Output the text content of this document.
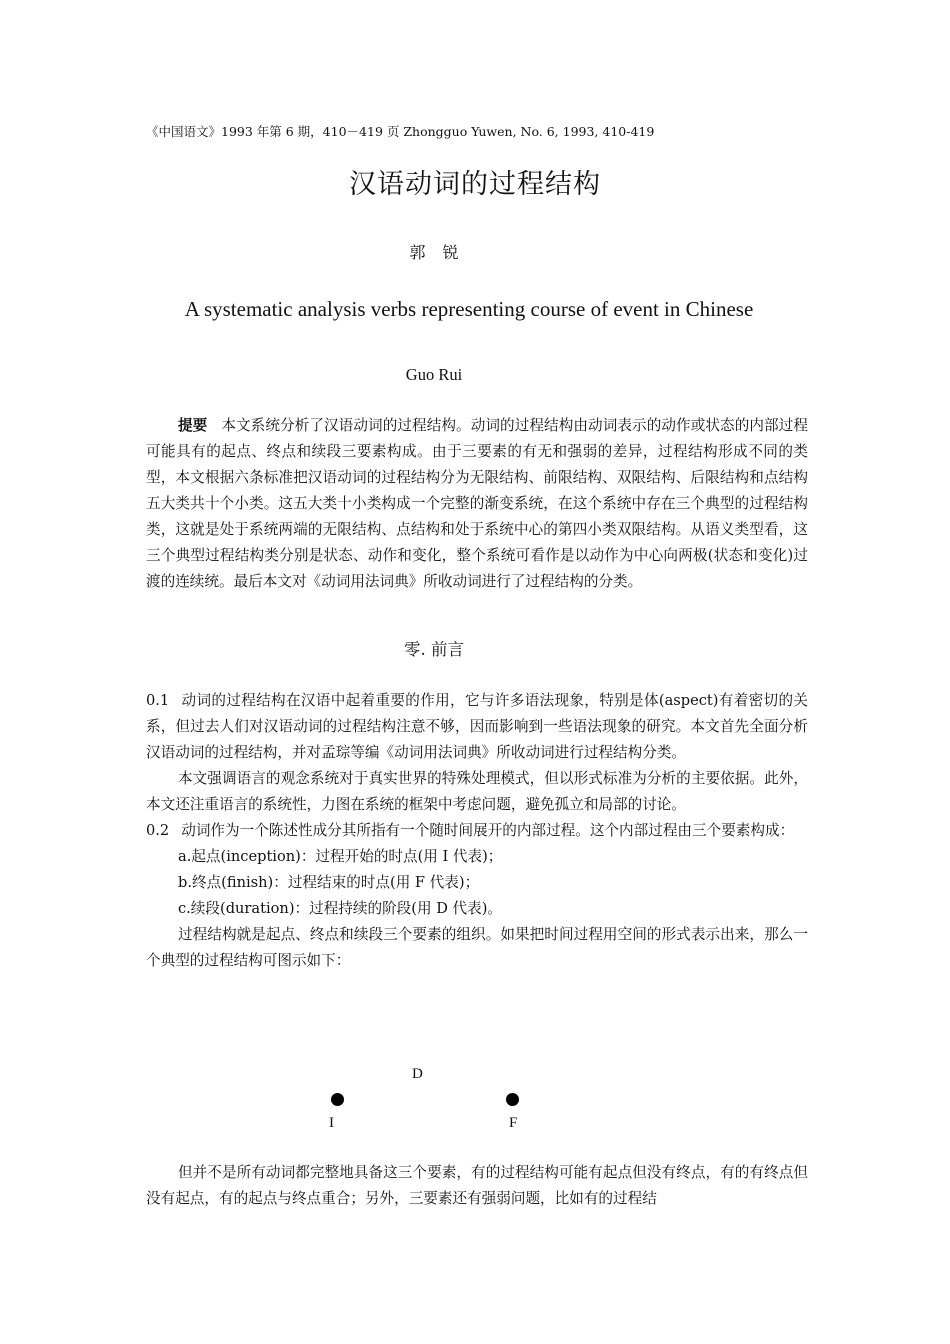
《中国语文》1993 年第 6 期，410－419 页 Zhongguo Yuwen, No. 6, 1993, 410-419
汉语动词的过程结构
郭 锐
A systematic analysis verbs representing course of event in Chinese
Guo Rui
提要 本文系统分析了汉语动词的过程结构。动词的过程结构由动词表示的动作或状态的内部过程可能具有的起点、终点和续段三要素构成。由于三要素的有无和强弱的差异，过程结构形成不同的类型，本文根据六条标准把汉语动词的过程结构分为无限结构、前限结构、双限结构、后限结构和点结构五大类共十个小类。这五大类十小类构成一个完整的渐变系统，在这个系统中存在三个典型的过程结构类，这就是处于系统两端的无限结构、点结构和处于系统中心的第四小类双限结构。从语义类型看，这三个典型过程结构类分别是状态、动作和变化，整个系统可看作是以动作为中心向两极(状态和变化)过渡的连续统。最后本文对《动词用法词典》所收动词进行了过程结构的分类。
零. 前言

0.1 动词的过程结构在汉语中起着重要的作用，它与许多语法现象，特别是体(aspect)有着密切的关系，但过去人们对汉语动词的过程结构注意不够，因而影响到一些语法现象的研究。本文首先全面分析汉语动词的过程结构，并对孟琮等编《动词用法词典》所收动词进行过程结构分类。

本文强调语言的观念系统对于真实世界的特殊处理模式，但以形式标准为分析的主要依据。此外，本文还注重语言的系统性，力图在系统的框架中考虑问题，避免孤立和局部的讨论。

0.2 动词作为一个陈述性成分其所指有一个随时间展开的内部过程。这个内部过程由三个要素构成：

a.起点(inception)：过程开始的时点(用 I 代表)；

b.终点(finish)：过程结束的时点(用 F 代表)；

c.续段(duration)：过程持续的阶段(用 D 代表)。

过程结构就是起点、终点和续段三个要素的组织。如果把时间过程用空间的形式表示出来，那么一个典型的过程结构可图示如下：

D
I	F
但并不是所有动词都完整地具备这三个要素，有的过程结构可能有起点但没有终点，有的有终点但没有起点，有的起点与终点重合；另外，三要素还有强弱问题，比如有的过程结
